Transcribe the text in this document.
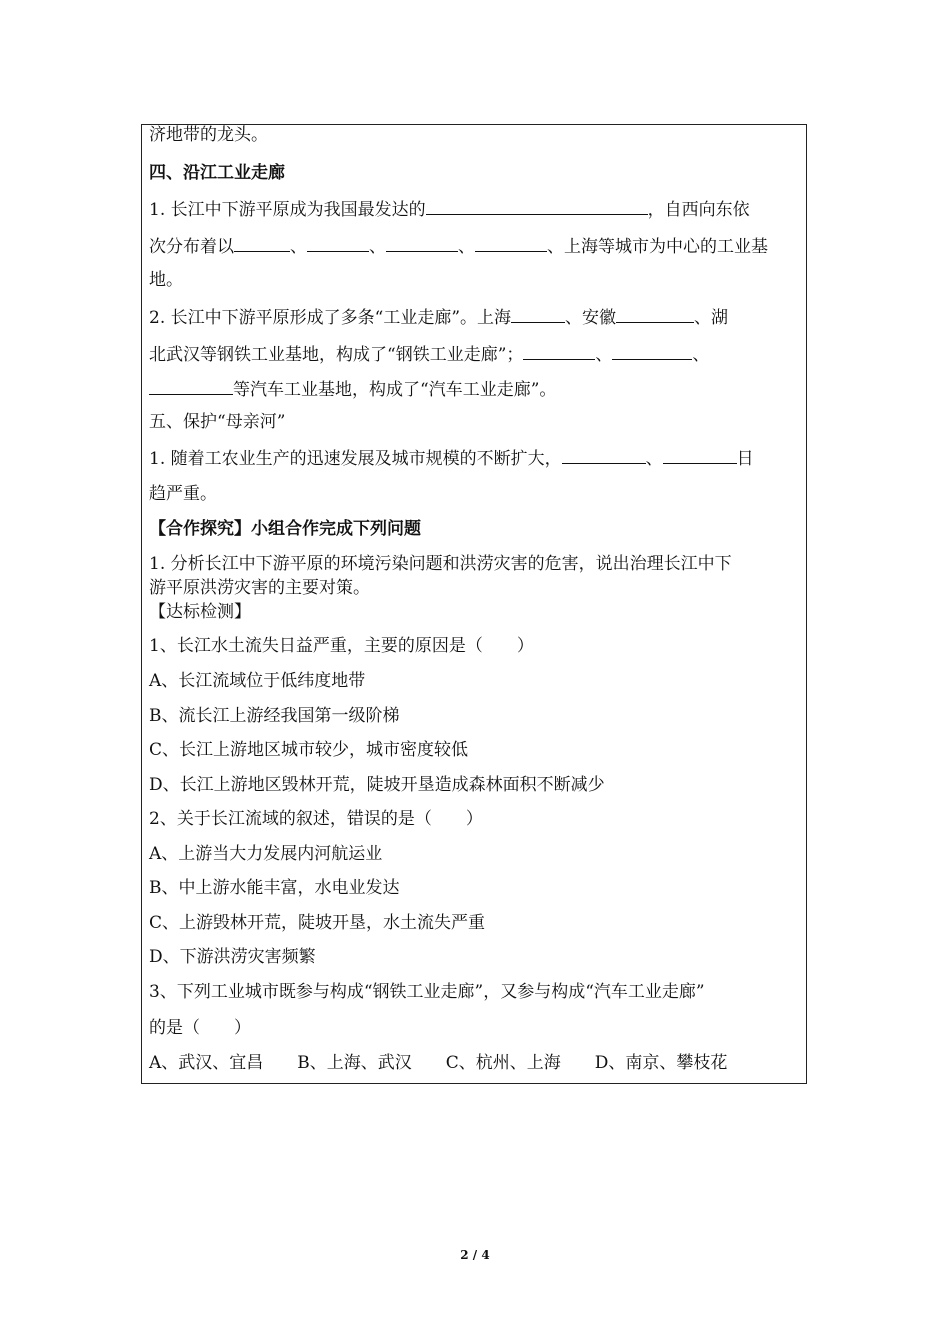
济地带的龙头。
四、沿江工业走廊
1. 长江中下游平原成为我国最发达的	，自西向东依
次分布着以	、	、	、	、上海等城市为中心的工业基
地。
2. 长江中下游平原形成了多条“工业走廊”。上海	、安徽	、湖
北武汉等钢铁工业基地，构成了“钢铁工业走廊”；	、	、
等汽车工业基地，构成了“汽车工业走廊”。
五、保护“母亲河”
1. 随着工农业生产的迅速发展及城市规模的不断扩大，	、	日
趋严重。
【合作探究】小组合作完成下列问题
1. 分析长江中下游平原的环境污染问题和洪涝灾害的危害，说出治理长江中下
游平原洪涝灾害的主要对策。
【达标检测】
1、长江水土流失日益严重，主要的原因是（　　）
A、长江流域位于低纬度地带
B、流长江上游经我国第一级阶梯
C、长江上游地区城市较少，城市密度较低
D、长江上游地区毁林开荒，陡坡开垦造成森林面积不断减少
2、关于长江流域的叙述，错误的是（　　）
A、上游当大力发展内河航运业
B、中上游水能丰富，水电业发达
C、上游毁林开荒，陡坡开垦，水土流失严重
D、下游洪涝灾害频繁
3、下列工业城市既参与构成“钢铁工业走廊”，又参与构成“汽车工业走廊”
的是（　　）
A、武汉、宜昌　　B、上海、武汉　　C、杭州、上海　　D、南京、攀枝花
2 / 4
